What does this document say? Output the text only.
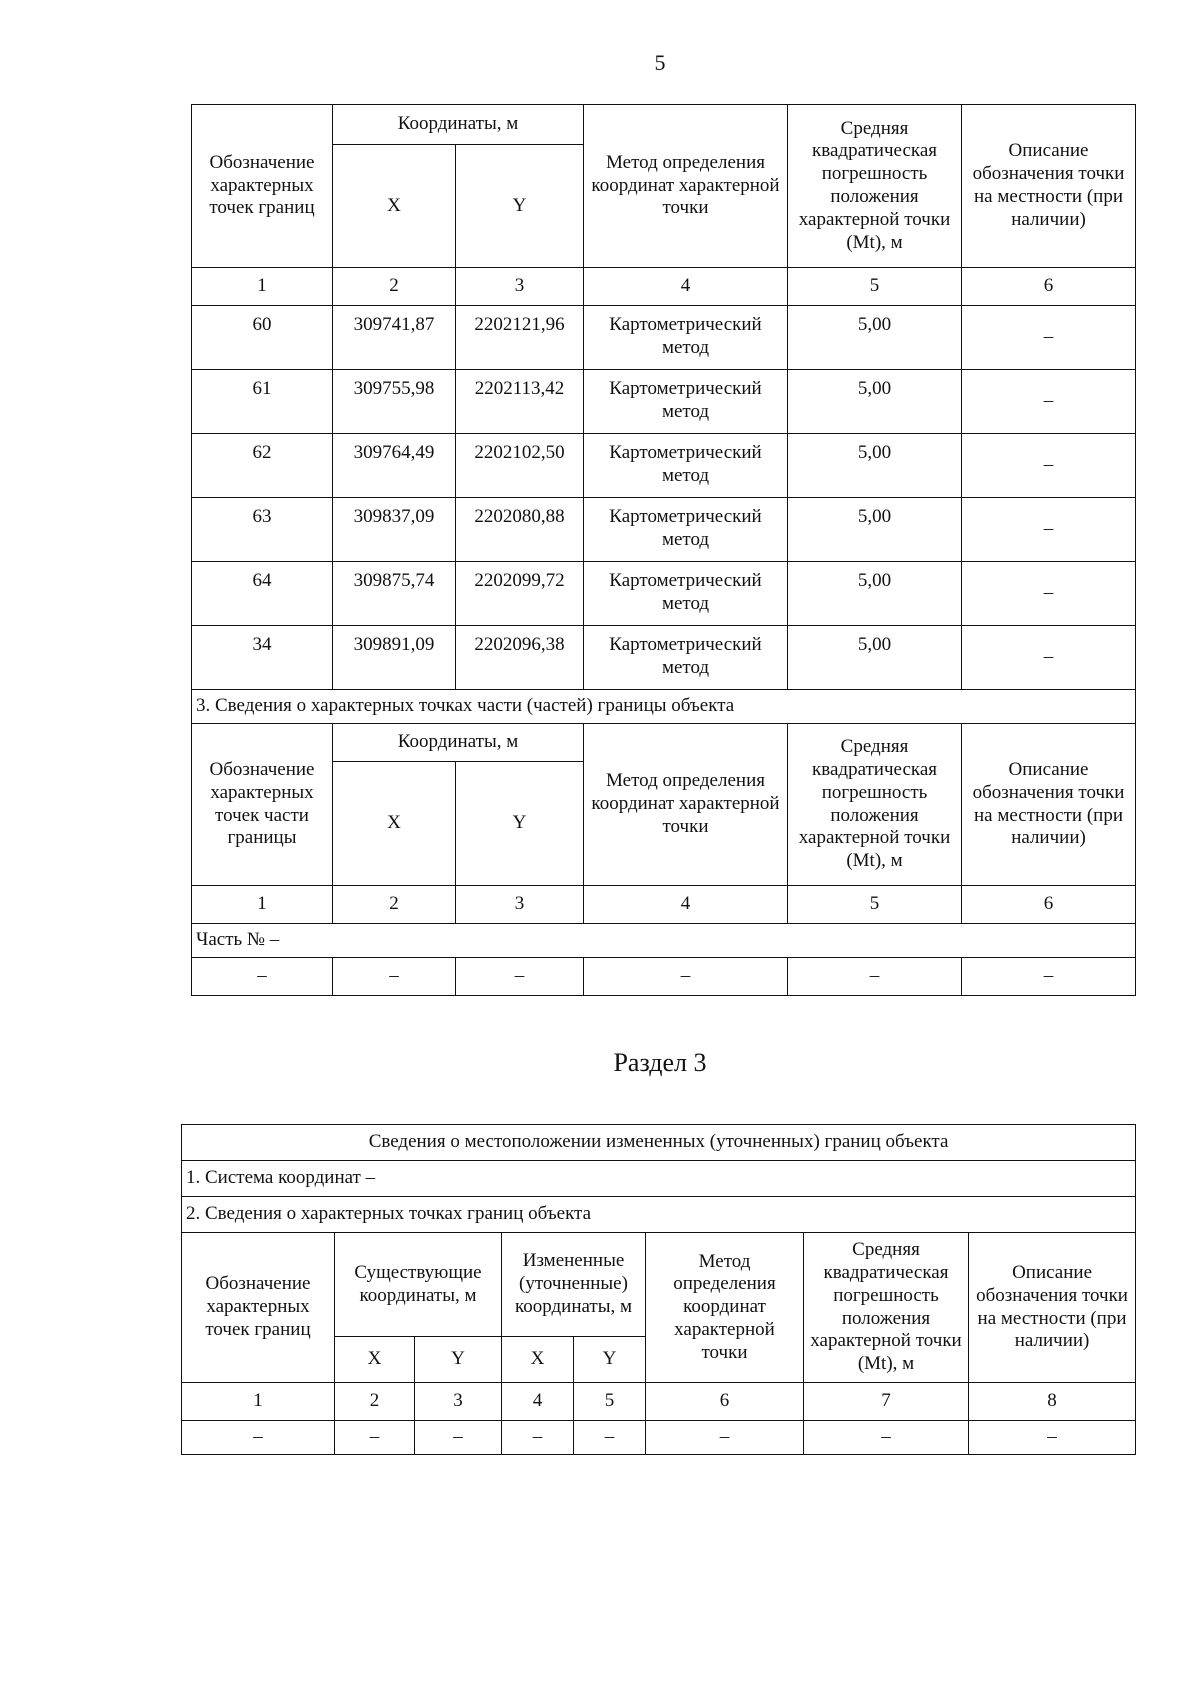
5
Обозначение характерных точек границ	Координаты, м		Метод определения координат характерной точки	Средняя квадратическая погрешность положения характерной точки (Mt), м	Описание обозначения точки на местности (при наличии)
	X	Y			
1	2	3	4	5	6
60	309741,87	2202121,96	Картометрический метод	5,00	–
61	309755,98	2202113,42	Картометрический метод	5,00	–
62	309764,49	2202102,50	Картометрический метод	5,00	–
63	309837,09	2202080,88	Картометрический метод	5,00	–
64	309875,74	2202099,72	Картометрический метод	5,00	–
34	309891,09	2202096,38	Картометрический метод	5,00	–
3. Сведения о характерных точках части (частей) границы объекта					
Обозначение характерных точек части границы	Координаты, м		Метод определения координат характерной точки	Средняя квадратическая погрешность положения характерной точки (Mt), м	Описание обозначения точки на местности (при наличии)
	X	Y			
1	2	3	4	5	6
Часть № –					
–	–	–	–	–	–
Раздел 3
Сведения о местоположении измененных (уточненных) границ объекта							
1. Система координат –							
2. Сведения о характерных точках границ объекта							
Обозначение характерных точек границ	Существующие координаты, м		Измененные (уточненные) координаты, м		Метод определения координат характерной точки	Средняя квадратическая погрешность положения характерной точки (Mt), м	Описание обозначения точки на местности (при наличии)
	X	Y	X	Y			
1	2	3	4	5	6	7	8
–	–	–	–	–	–	–	–
